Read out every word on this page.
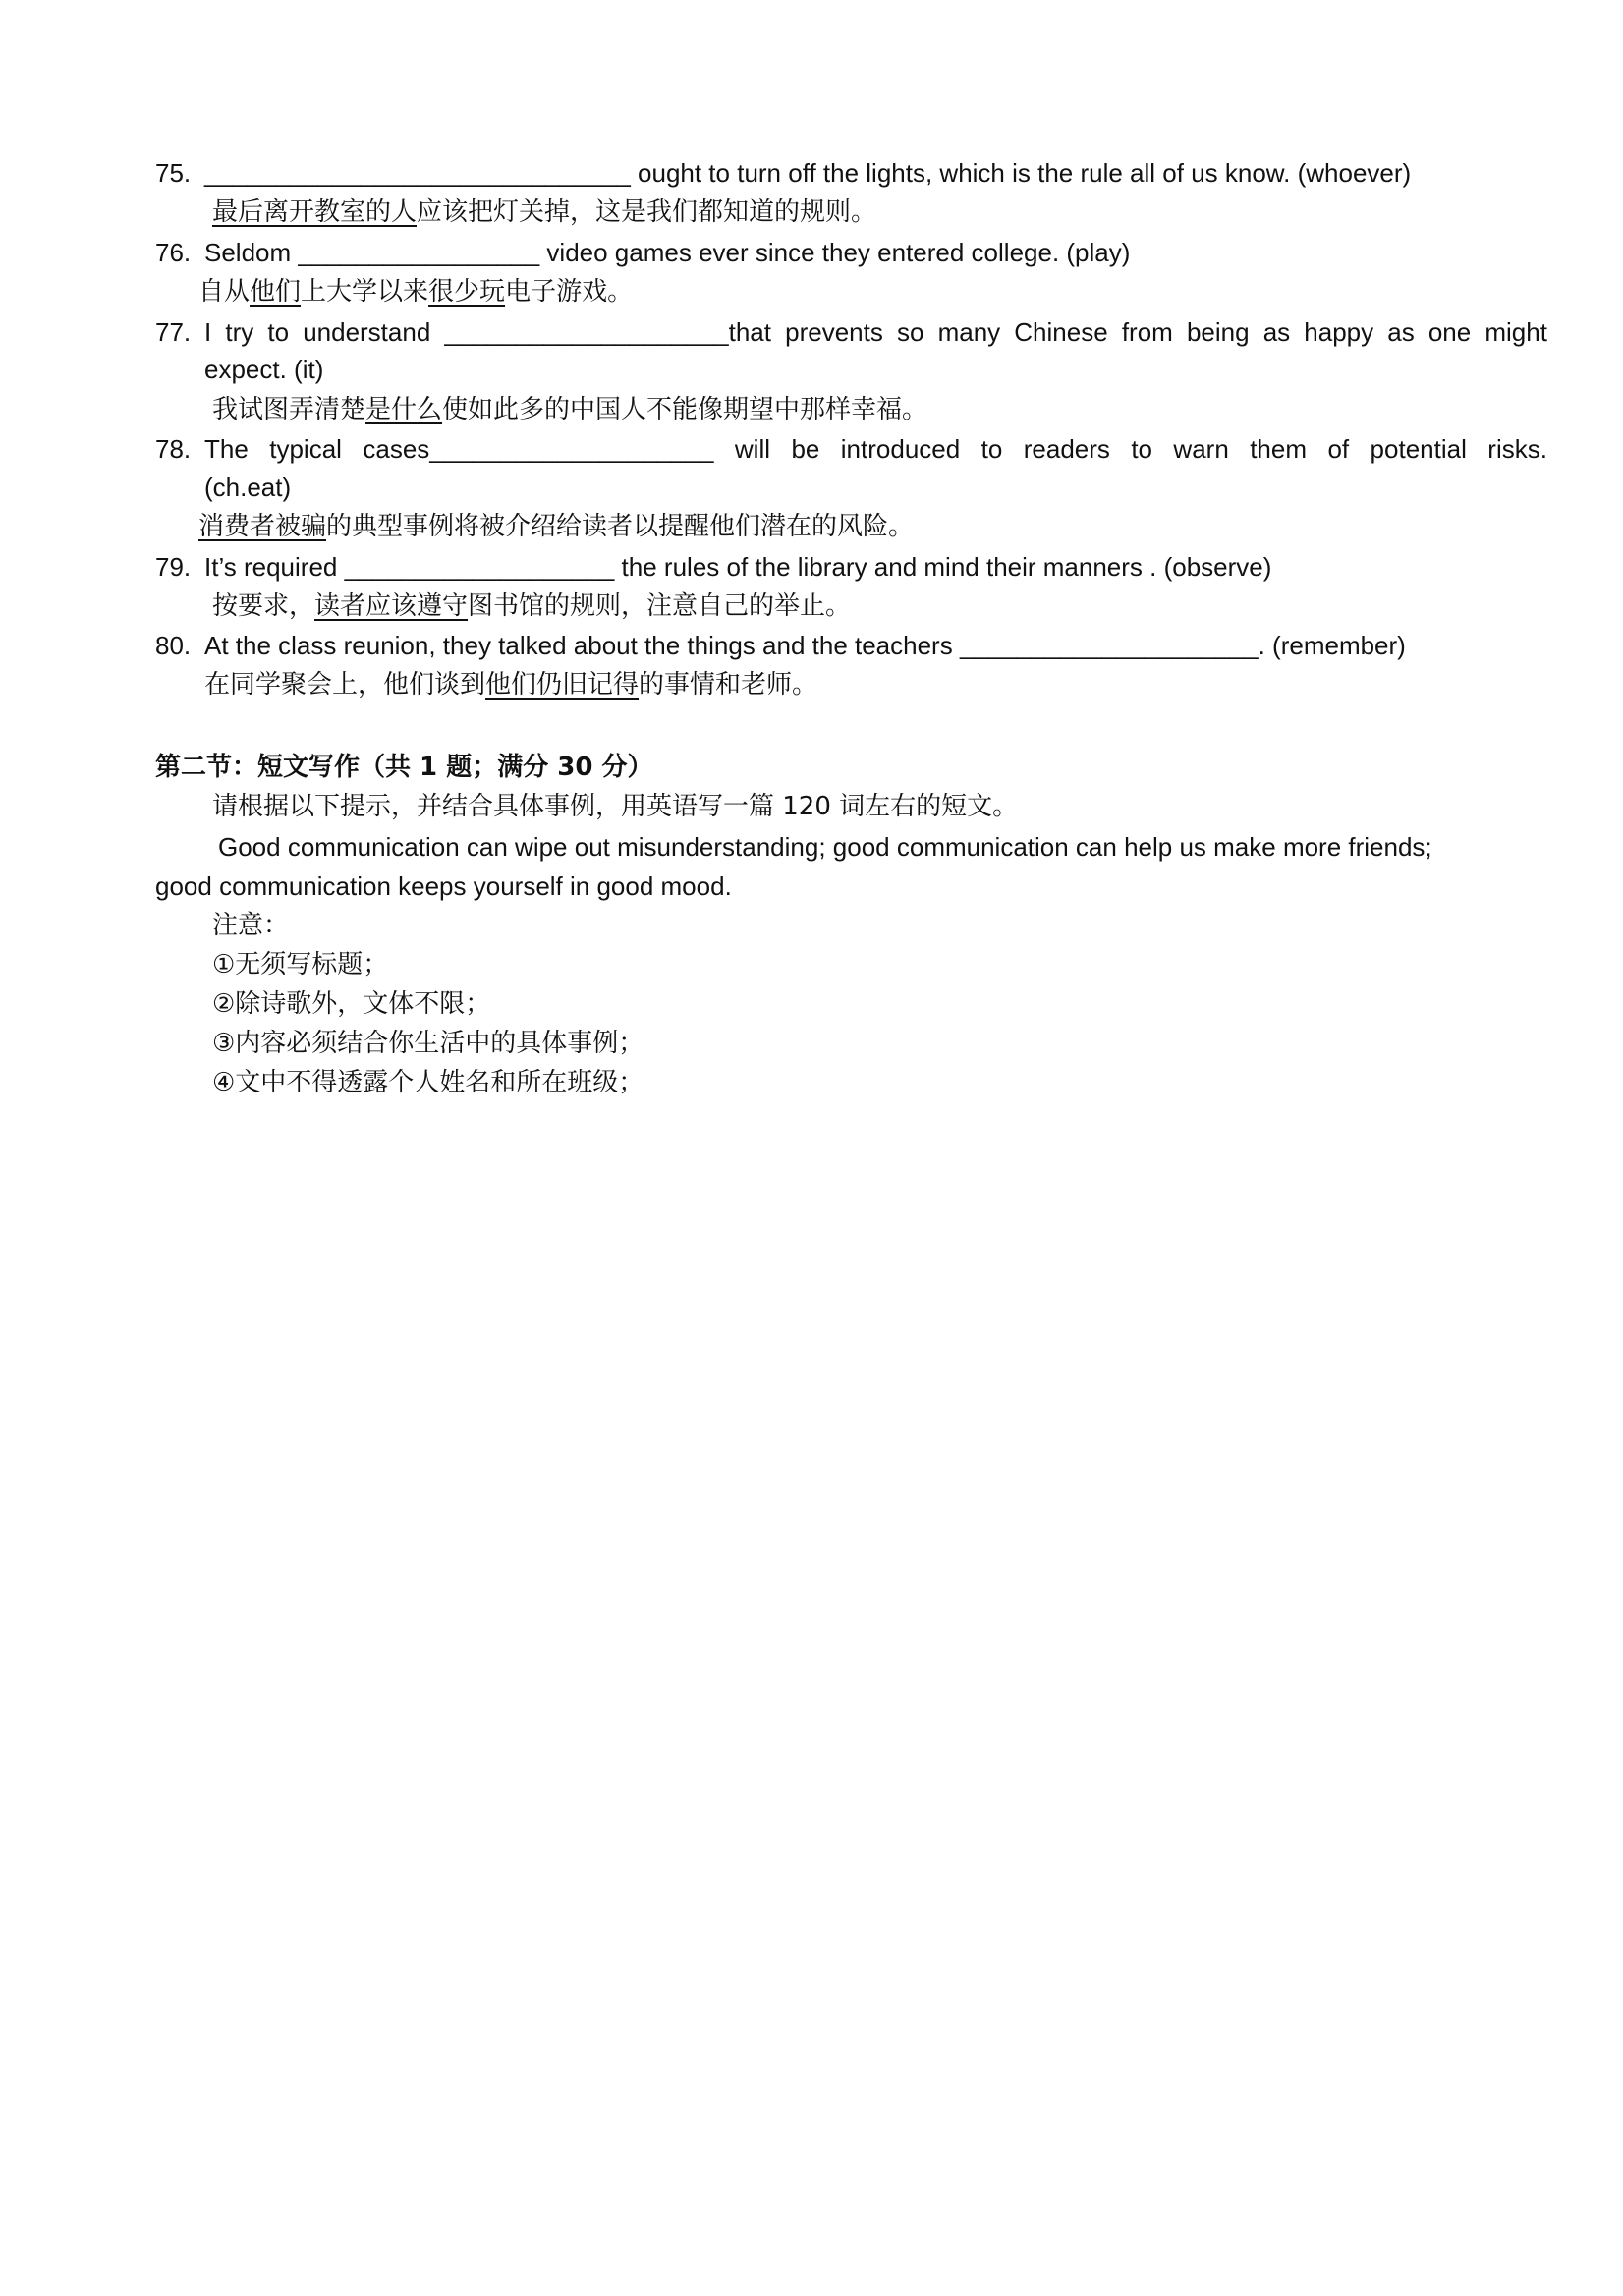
75. ______________________________ ought to turn off the lights, which is the rule all of us know. (whoever)
最后离开教室的人应该把灯关掉，这是我们都知道的规则。
76. Seldom _________________ video games ever since they entered college. (play)
自从他们上大学以来很少玩电子游戏。
77. I try to understand ____________________that prevents so many Chinese from being as happy as one might
expect. (it)
我试图弄清楚是什么使如此多的中国人不能像期望中那样幸福。
78. The typical cases____________________ will be introduced to readers to warn them of potential risks.
(ch.eat)
消费者被骗的典型事例将被介绍给读者以提醒他们潜在的风险。
79. It’s required ___________________ the rules of the library and mind their manners . (observe)
按要求，读者应该遵守图书馆的规则，注意自己的举止。
80. At the class reunion, they talked about the things and the teachers _____________________. (remember)
在同学聚会上，他们谈到他们仍旧记得的事情和老师。
第二节：短文写作（共 1 题；满分 30 分）
请根据以下提示，并结合具体事例，用英语写一篇 120 词左右的短文。
Good communication can wipe out misunderstanding; good communication can help us make more friends;
good communication keeps yourself in good mood.
注意：
①无须写标题；
②除诗歌外，文体不限；
③内容必须结合你生活中的具体事例；
④文中不得透露个人姓名和所在班级；
